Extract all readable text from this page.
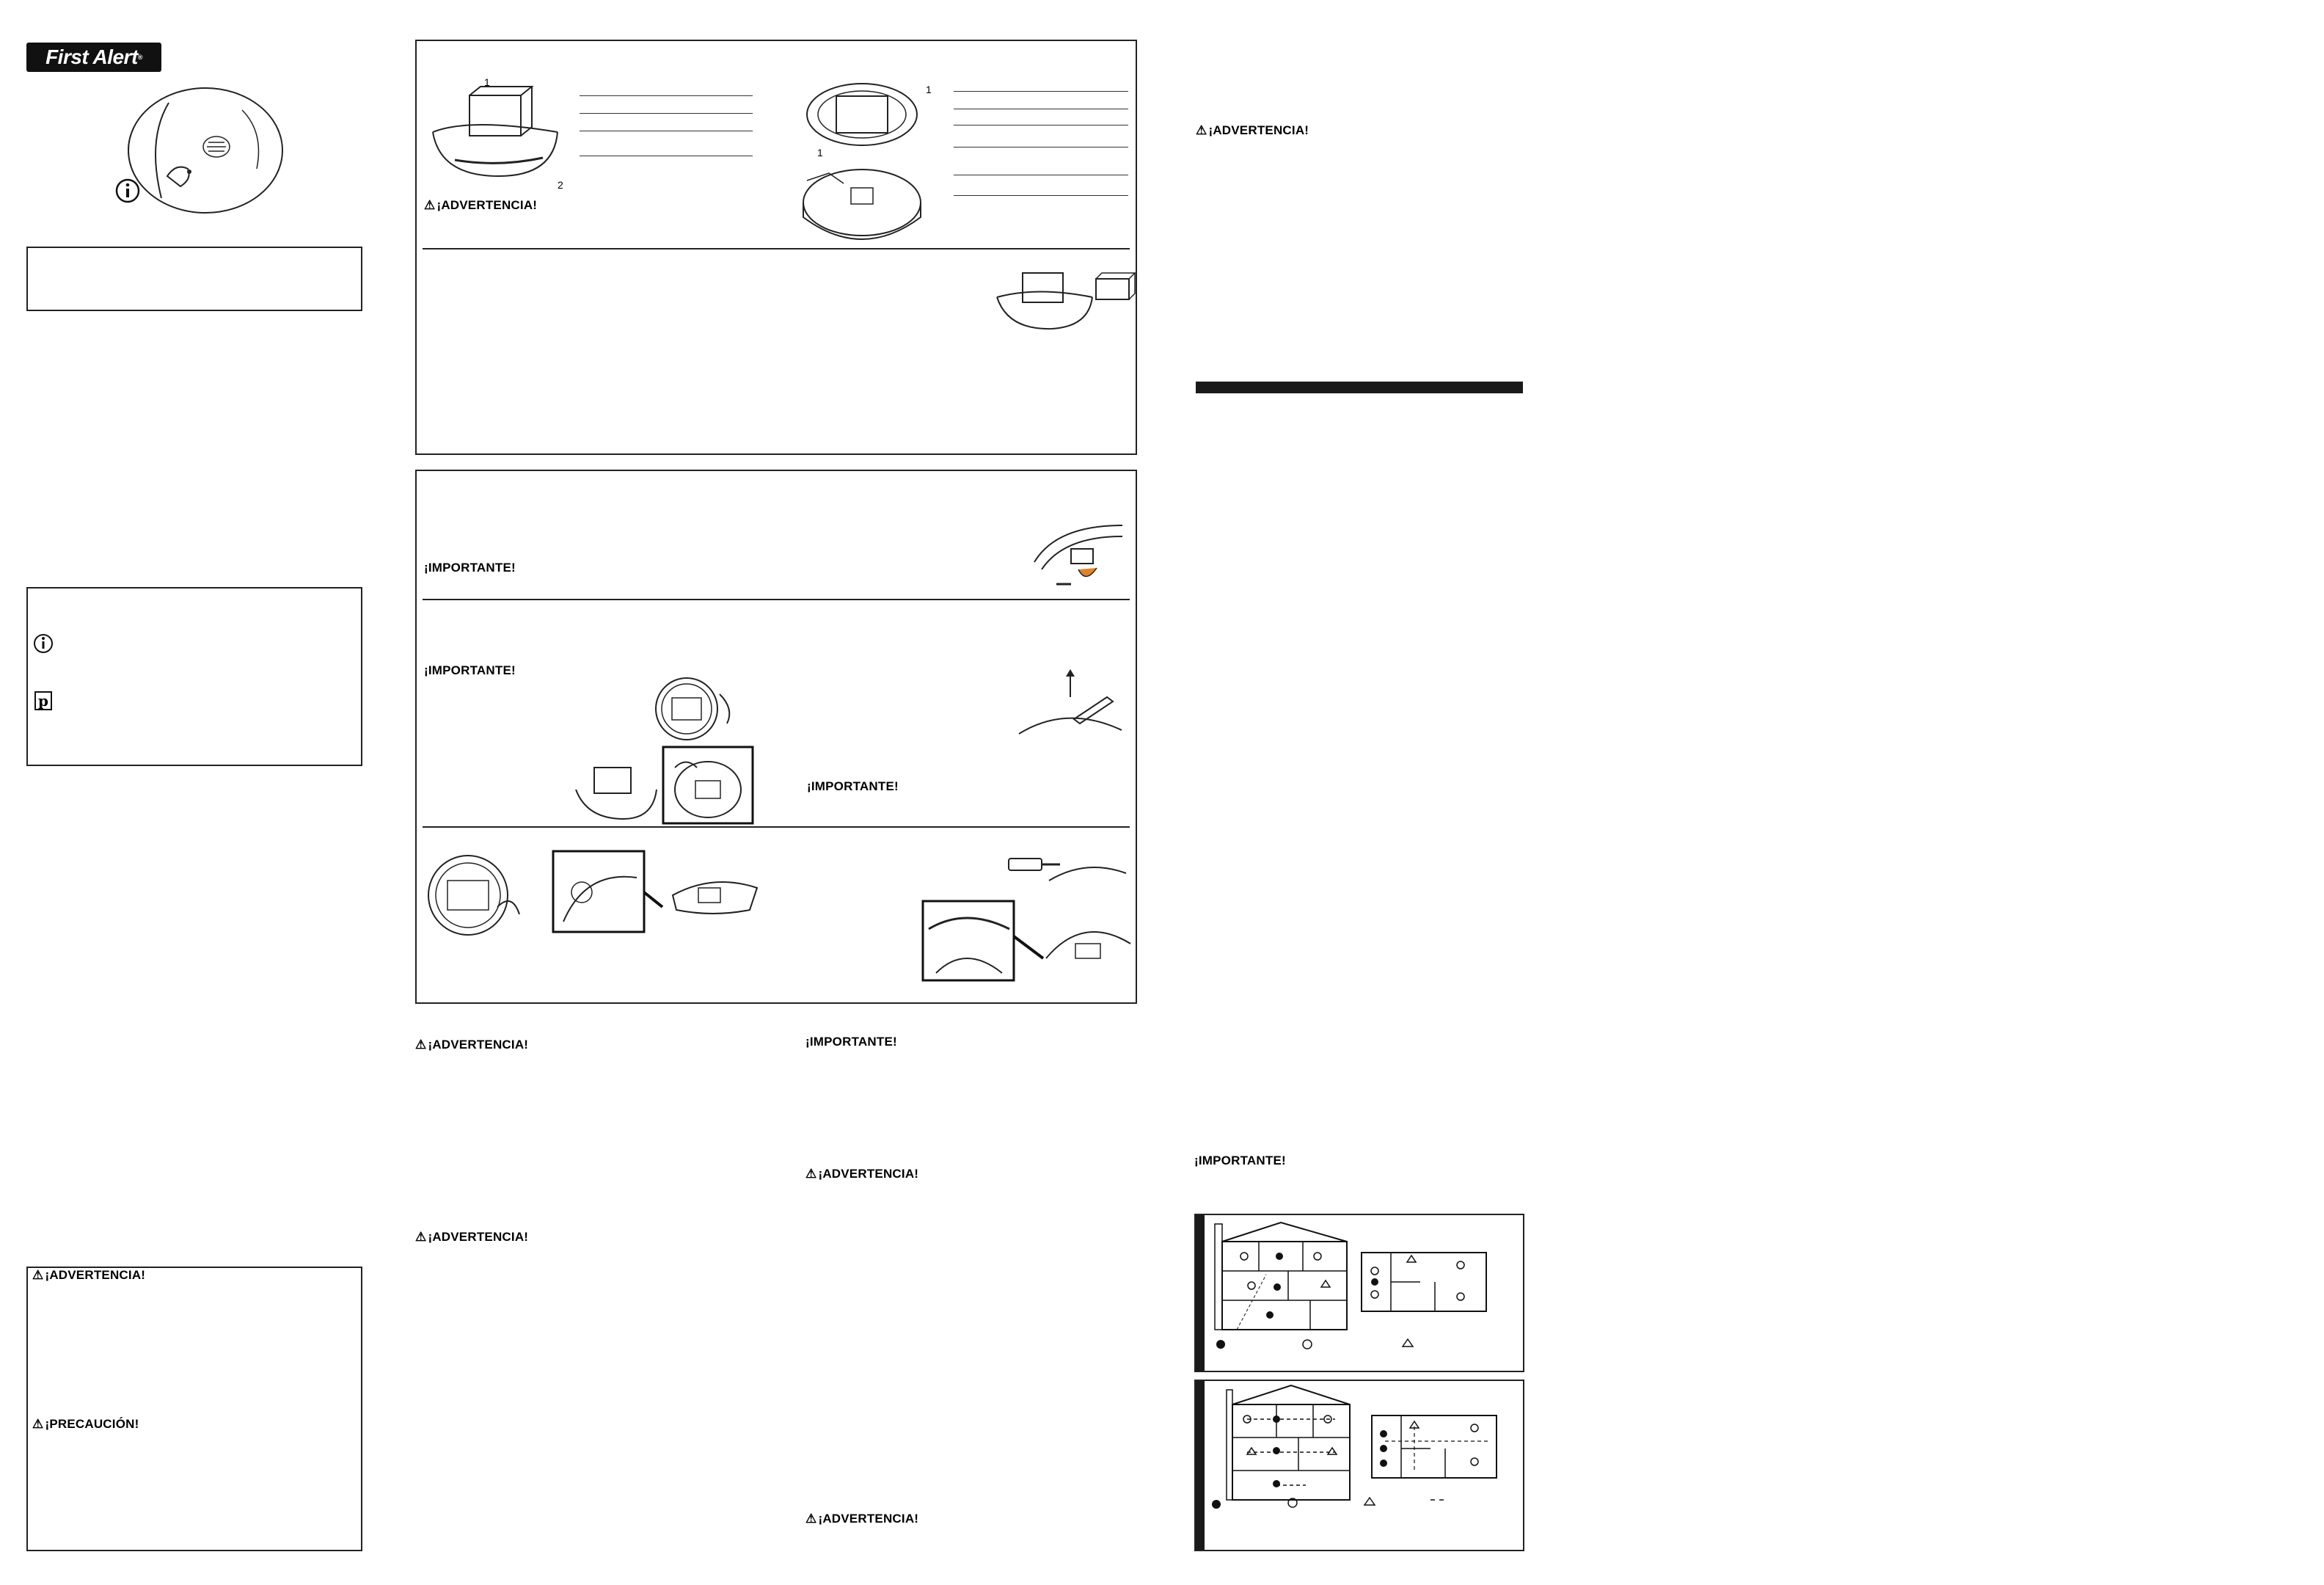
First Alert®
p
⚠ ¡ADVERTENCIA!
⚠ ¡PRECAUCIÓN!
1
2
⚠ ¡ADVERTENCIA!
1
1
¡IMPORTANTE!
¡IMPORTANTE!
¡IMPORTANTE!
⚠ ¡ADVERTENCIA!
⚠ ¡ADVERTENCIA!
¡IMPORTANTE!
⚠ ¡ADVERTENCIA!
⚠ ¡ADVERTENCIA!
⚠ ¡ADVERTENCIA!
¡IMPORTANTE!
